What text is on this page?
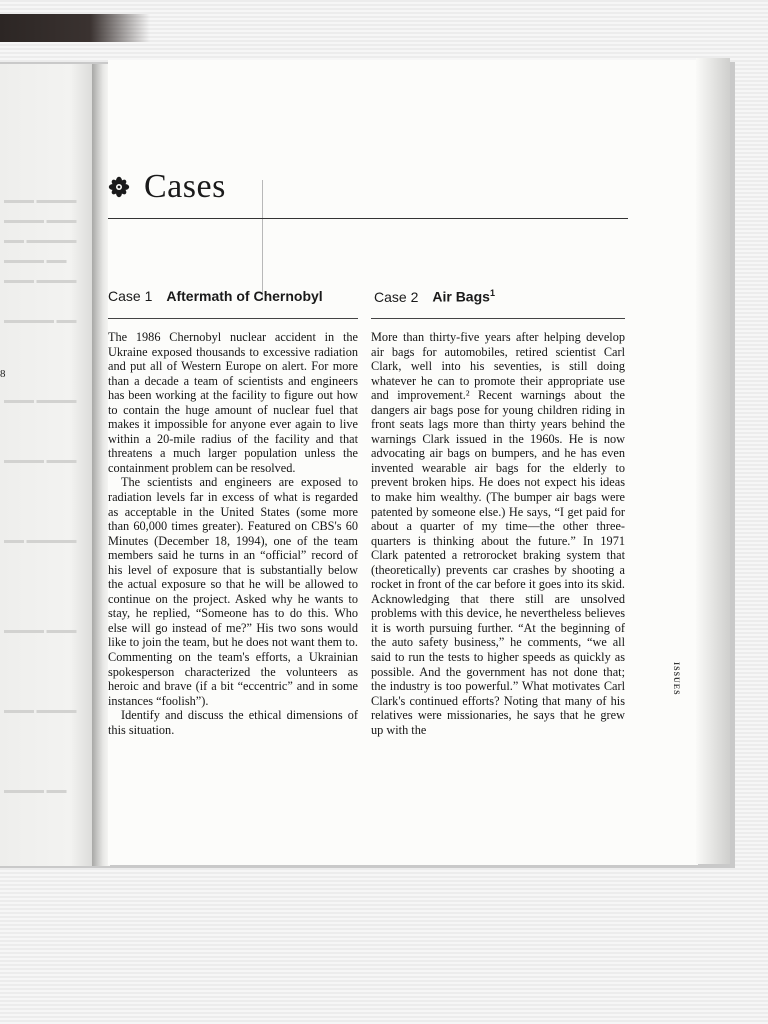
▬▬▬ ▬▬▬▬
▬▬▬▬ ▬▬▬
▬▬ ▬▬▬▬▬
▬▬▬▬ ▬▬
▬▬▬ ▬▬▬▬
▬▬▬▬▬ ▬▬
▬▬▬ ▬▬▬▬
▬▬▬▬ ▬▬▬
▬▬ ▬▬▬▬▬
▬▬▬▬ ▬▬▬
▬▬▬ ▬▬▬▬
▬▬▬▬ ▬▬
8
ISSUES
Cases
Case 1 Aftermath of Chernobyl	Case 2 Air Bags$^1$

The 1986 Chernobyl nuclear accident in the Ukraine exposed thousands to excessive radiation and put all of Western Europe on alert. For more than a decade a team of scientists and engineers has been working at the facility to figure out how to contain the huge amount of nuclear fuel that makes it impossible for anyone ever again to live within a 20-mile radius of the facility and that threatens a much larger population unless the containment problem can be resolved.

The scientists and engineers are exposed to radiation levels far in excess of what is regarded as acceptable in the United States (some more than 60,000 times greater). Featured on CBS's 60 Minutes (December 18, 1994), one of the team members said he turns in an “official” record of his level of exposure that is substantially below the actual exposure so that he will be allowed to continue on the project. Asked why he wants to stay, he replied, “Someone has to do this. Who else will go instead of me?” His two sons would like to join the team, but he does not want them to. Commenting on the team's efforts, a Ukrainian spokesperson characterized the volunteers as heroic and brave (if a bit “eccentric” and in some instances “foolish”).

Identify and discuss the ethical dimensions of this situation.

More than thirty-five years after helping develop air bags for automobiles, retired scientist Carl Clark, well into his seventies, is still doing whatever he can to promote their appropriate use and improvement.² Recent warnings about the dangers air bags pose for young children riding in front seats lags more than thirty years behind the warnings Clark issued in the 1960s. He is now advocating air bags on bumpers, and he has even invented wearable air bags for the elderly to prevent broken hips. He does not expect his ideas to make him wealthy. (The bumper air bags were patented by someone else.) He says, “I get paid for about a quarter of my time—the other three-quarters is thinking about the future.” In 1971 Clark patented a retrorocket braking system that (theoretically) prevents car crashes by shooting a rocket in front of the car before it goes into its skid. Acknowledging that there still are unsolved problems with this device, he nevertheless believes it is worth pursuing further. “At the beginning of the auto safety business,” he comments, “we all said to run the tests to higher speeds as quickly as possible. And the government has not done that; the industry is too powerful.” What motivates Carl Clark's continued efforts? Noting that many of his relatives were missionaries, he says that he grew up with the
